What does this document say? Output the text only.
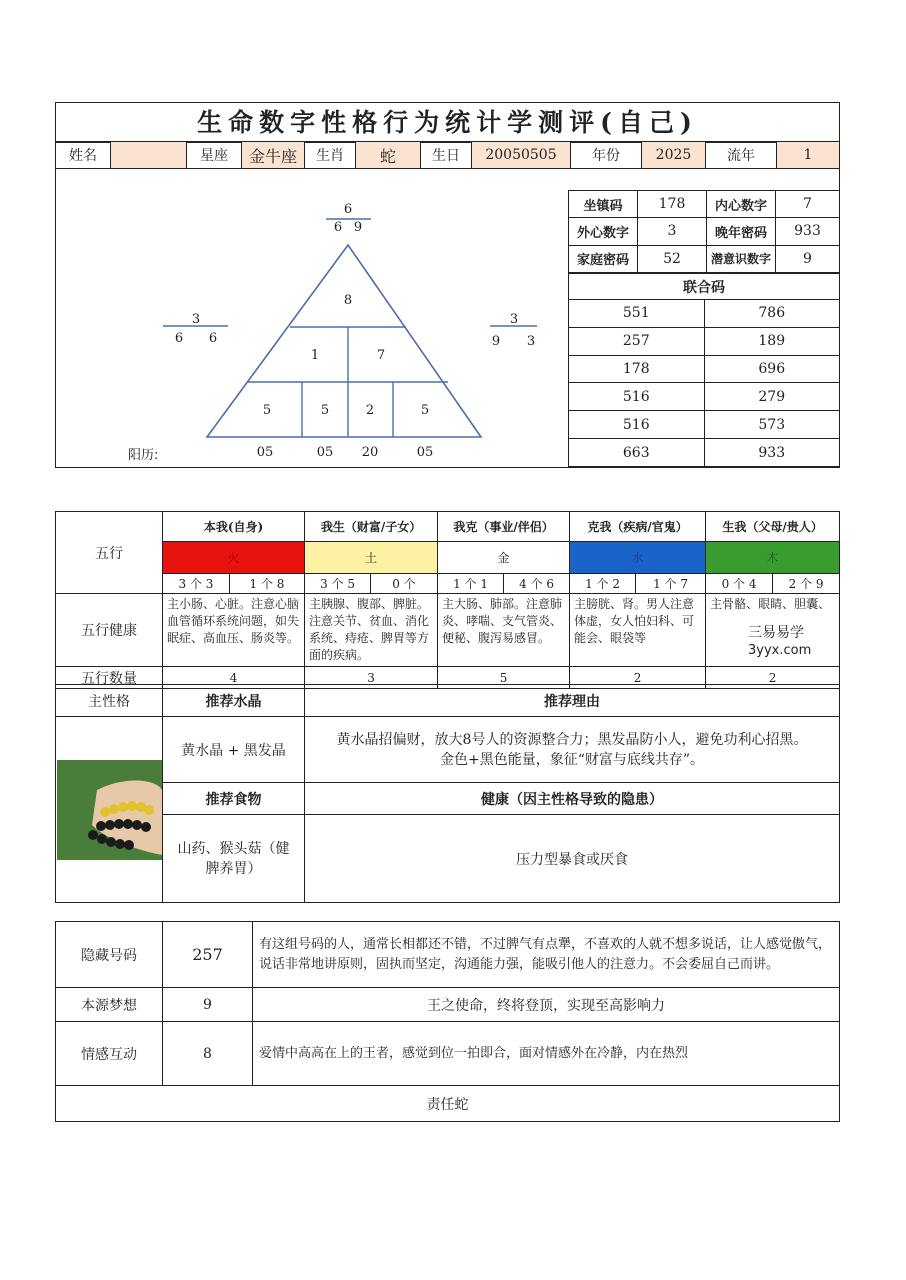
生命数字性格行为统计学测评(自己)
姓名		星座	金牛座	生肖	蛇	生日	20050505	年份	2025	流年	1
6
6 9
3
6	6
3
9	3
8
1	7
5	5	2	5
阳历:	05	05 20	05
坐镇码	178	内心数字	7
外心数字	3	晚年密码	933
家庭密码	52	潜意识数字	9
联合码	
551	786
257	189
178	696
516	279
516	573
663	933
五行	本我(自身)		我生（财富/子女）		我克（事业/伴侣）		克我（疾病/官鬼）		生我（父母/贵人）	
	火		土		金		水		木	
	3 个 3	1 个 8	3 个 5	0 个	1 个 1	4 个 6	1 个 2	1 个 7	0 个 4	2 个 9
五行健康	主小肠、心脏。注意心脑血管循环系统问题，如失眠症、高血压、肠炎等。		主胰腺、腹部、脾脏。注意关节、贫血、消化系统、痔疮、脾胃等方面的疾病。		主大肠、肺部。注意肺炎、哮喘、支气管炎、便秘、腹泻易感冒。		主膀胱、肾。男人注意体虚，女人怕妇科、可能会、眼袋等		主骨骼、眼睛、胆囊、	
五行数量	4		3		5		2		2	
三易易学
3yyx.com
主性格	推荐水晶	推荐理由

	黄水晶 + 黑发晶	黄水晶招偏财，放大8号人的资源整合力；黑发晶防小人，避免功利心招黑。
金色+黑色能量，象征“财富与底线共存”。

	推荐食物	健康（因主性格导致的隐患）
	山药、猴头菇（健脾养胃）	压力型暴食或厌食
隐藏号码	257	有这组号码的人，通常长相都还不错，不过脾气有点犟，不喜欢的人就不想多说话，让人感觉傲气，说话非常地讲原则，固执而坚定，沟通能力强，能吸引他人的注意力。不会委屈自己而讲。
本源梦想	9	王之使命，终将登顶，实现至高影响力
情感互动	8	爱情中高高在上的王者，感觉到位一拍即合，面对情感外在冷静，内在热烈
责任蛇		
